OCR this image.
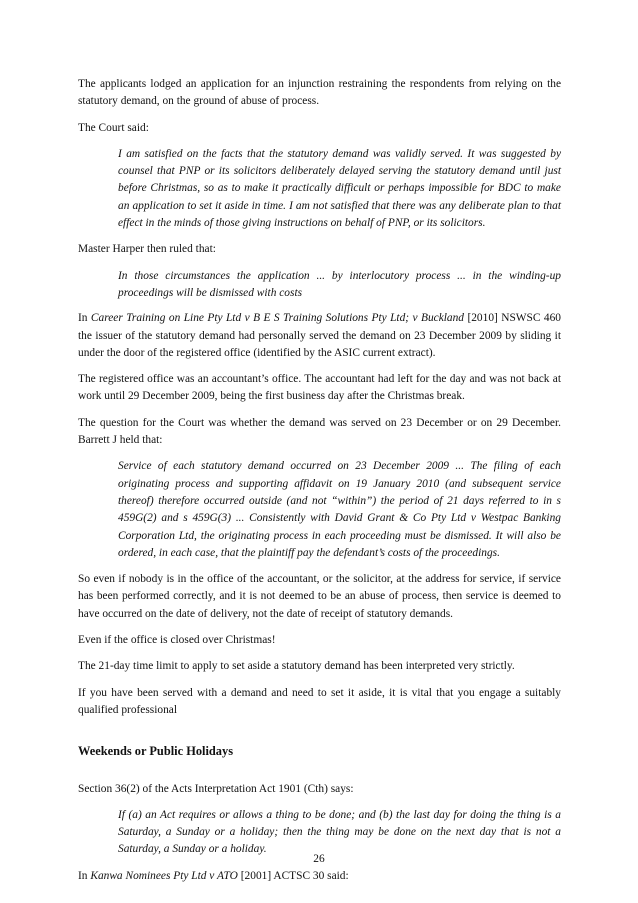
The applicants lodged an application for an injunction restraining the respondents from relying on the statutory demand, on the ground of abuse of process.

The Court said:

I am satisfied on the facts that the statutory demand was validly served. It was suggested by counsel that PNP or its solicitors deliberately delayed serving the statutory demand until just before Christmas, so as to make it practically difficult or perhaps impossible for BDC to make an application to set it aside in time. I am not satisfied that there was any deliberate plan to that effect in the minds of those giving instructions on behalf of PNP, or its solicitors.

Master Harper then ruled that:

In those circumstances the application ... by interlocutory process ... in the winding-up proceedings will be dismissed with costs

In Career Training on Line Pty Ltd v B E S Training Solutions Pty Ltd; v Buckland [2010] NSWSC 460 the issuer of the statutory demand had personally served the demand on 23 December 2009 by sliding it under the door of the registered office (identified by the ASIC current extract).

The registered office was an accountant’s office. The accountant had left for the day and was not back at work until 29 December 2009, being the first business day after the Christmas break.

The question for the Court was whether the demand was served on 23 December or on 29 December. Barrett J held that:

Service of each statutory demand occurred on 23 December 2009 ... The filing of each originating process and supporting affidavit on 19 January 2010 (and subsequent service thereof) therefore occurred outside (and not “within”) the period of 21 days referred to in s 459G(2) and s 459G(3) ... Consistently with David Grant & Co Pty Ltd v Westpac Banking Corporation Ltd, the originating process in each proceeding must be dismissed. It will also be ordered, in each case, that the plaintiff pay the defendant’s costs of the proceedings.

So even if nobody is in the office of the accountant, or the solicitor, at the address for service, if service has been performed correctly, and it is not deemed to be an abuse of process, then service is deemed to have occurred on the date of delivery, not the date of receipt of statutory demands.

Even if the office is closed over Christmas!

The 21-day time limit to apply to set aside a statutory demand has been interpreted very strictly.

If you have been served with a demand and need to set it aside, it is vital that you engage a suitably qualified professional

Weekends or Public Holidays

Section 36(2) of the Acts Interpretation Act 1901 (Cth) says:

If (a) an Act requires or allows a thing to be done; and (b) the last day for doing the thing is a Saturday, a Sunday or a holiday; then the thing may be done on the next day that is not a Saturday, a Sunday or a holiday.

In Kanwa Nominees Pty Ltd v ATO [2001] ACTSC 30 said:

26
